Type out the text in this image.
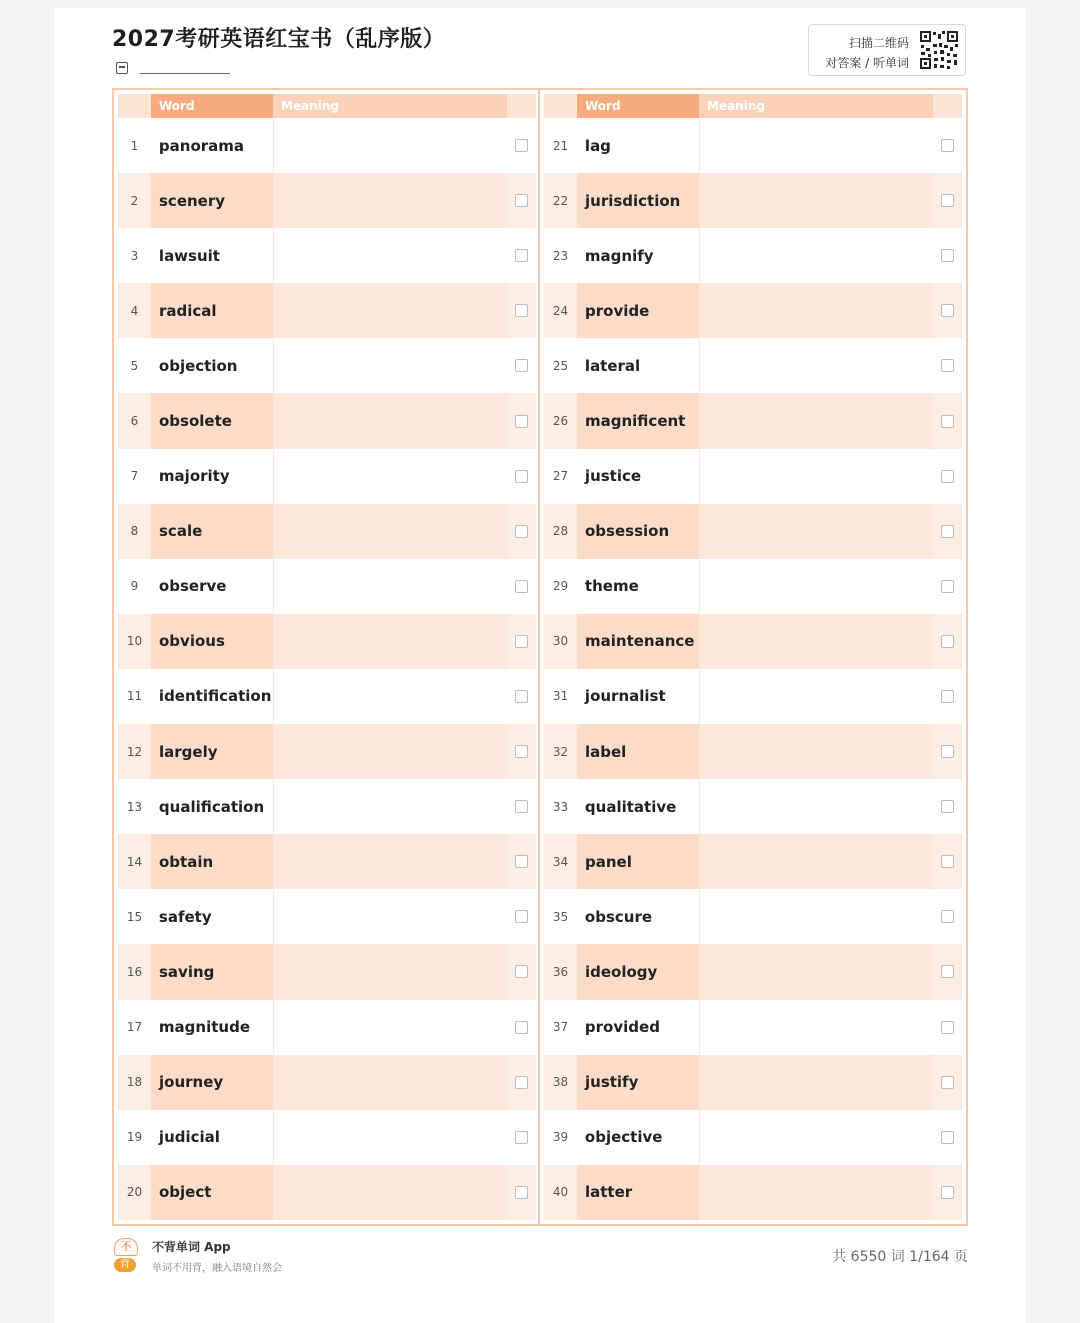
2027考研英语红宝书（乱序版）	扫描二维码
对答案 / 听单词
Word	Meaning
1	panorama
2	scenery
3	lawsuit
4	radical
5	objection
6	obsolete
7	majority
8	scale
9	observe
10	obvious
11	identification
12	largely
13	qualification
14	obtain
15	safety
16	saving
17	magnitude
18	journey
19	judicial
20	object
Word	Meaning
21	lag
22	jurisdiction
23	magnify
24	provide
25	lateral
26	magnificent
27	justice
28	obsession
29	theme
30	maintenance
31	journalist
32	label
33	qualitative
34	panel
35	obscure
36	ideology
37	provided
38	justify
39	objective
40	latter
不
背
不背单词 App
单词不用背，融入语境自然会
共 6550 词 1/164 页
